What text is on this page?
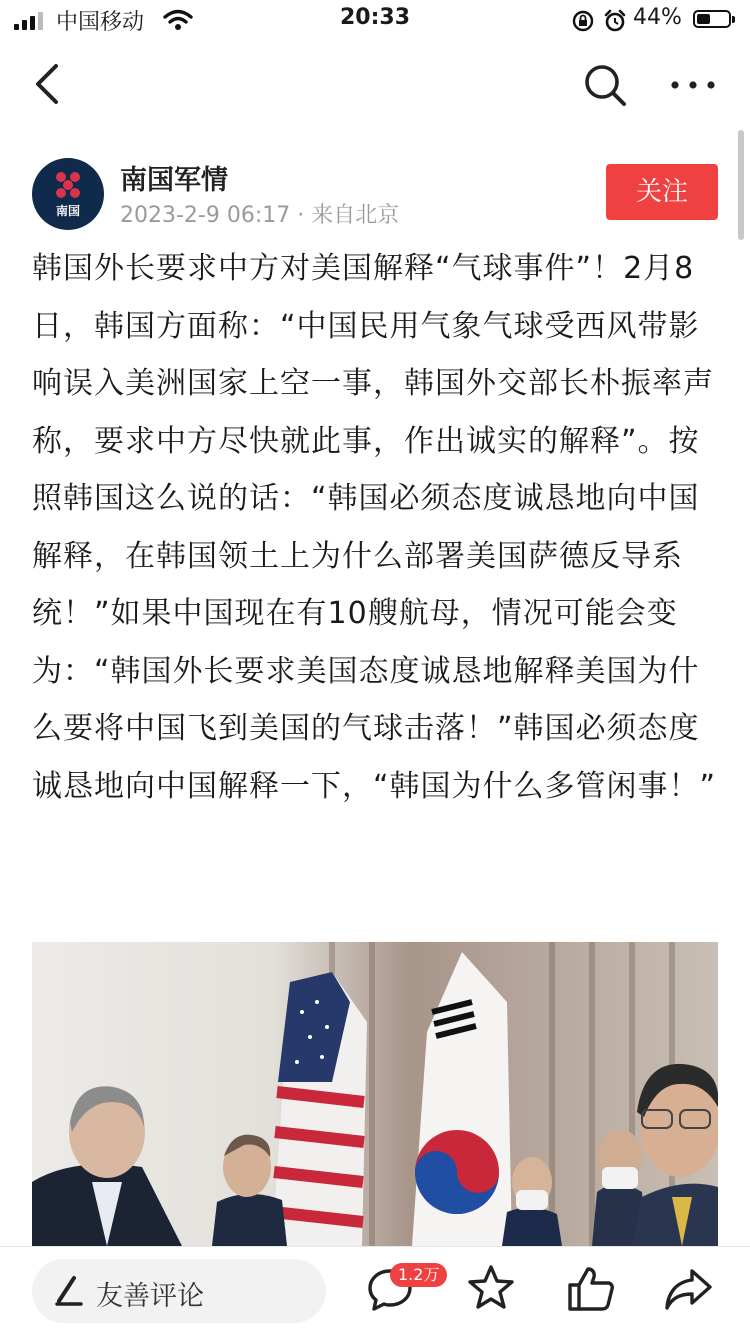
中国移动	20:33	44%
南国
南国军情
2023-2-9 06:17 · 来自北京
关注
韩国外长要求中方对美国解释“气球事件”！2月8日，韩国方面称：“中国民用气象气球受西风带影响误入美洲国家上空一事，韩国外交部长朴振率声称，要求中方尽快就此事，作出诚实的解释”。按照韩国这么说的话：“韩国必须态度诚恳地向中国解释，在韩国领土上为什么部署美国萨德反导系统！”如果中国现在有10艘航母，情况可能会变为：“韩国外长要求美国态度诚恳地解释美国为什么要将中国飞到美国的气球击落！”韩国必须态度诚恳地向中国解释一下，“韩国为什么多管闲事！”
友善评论
1.2万
